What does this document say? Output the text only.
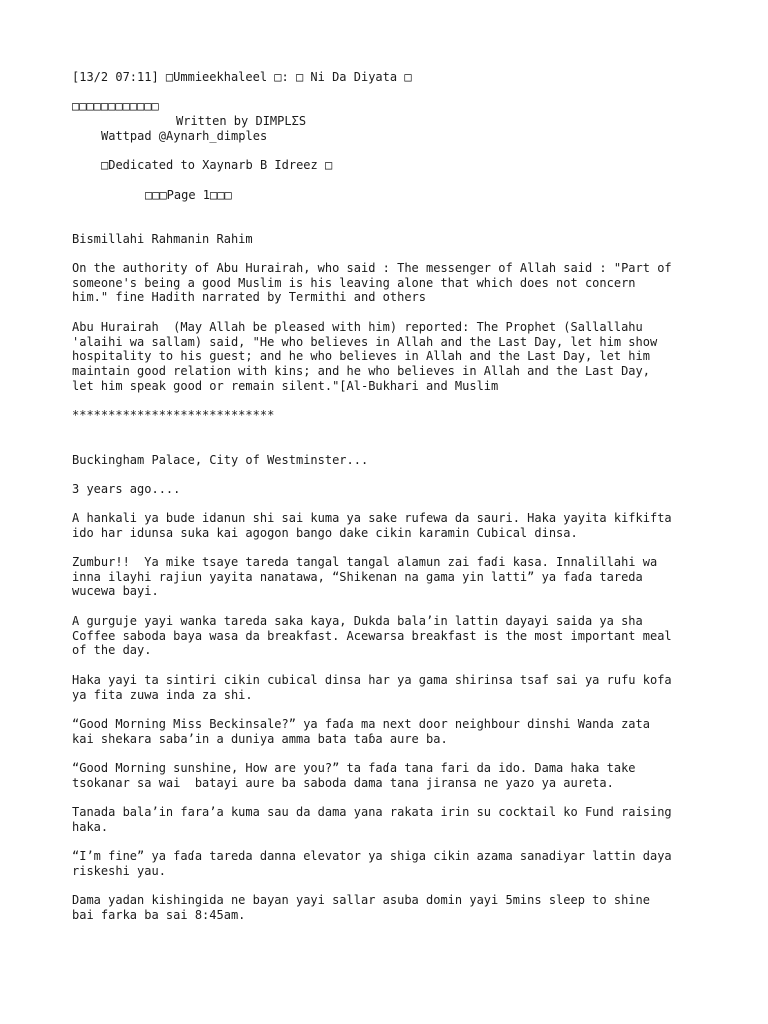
[13/2 07:11] □Ummieekhaleel □: □ Ni Da Diyata □
□□□□□□□□□□□□
Written by DIMPLΣS
Wattpad @Aynarh_dimples
□Dedicated to Xaynarb B Idreez □
□□□Page 1□□□
Bismillahi Rahmanin Rahim
On the authority of Abu Hurairah, who said : The messenger of Allah said : "Part of
someone's being a good Muslim is his leaving alone that which does not concern
him." fine Hadith narrated by Termithi and others
Abu Hurairah  (May Allah be pleased with him) reported: The Prophet (Sallallahu
'alaihi wa sallam) said, "He who believes in Allah and the Last Day, let him show
hospitality to his guest; and he who believes in Allah and the Last Day, let him
maintain good relation with kins; and he who believes in Allah and the Last Day,
let him speak good or remain silent."[Al-Bukhari and Muslim
****************************
Buckingham Palace, City of Westminster...
3 years ago....
A hankali ya bude idanun shi sai kuma ya sake rufewa da sauri. Haka yayita kifkifta
ido har idunsa suka kai agogon bango dake cikin karamin Cubical dinsa.
Zumbur!!  Ya mike tsaye tareda tangal tangal alamun zai faɗi kasa. Innalillahi wa
inna ilayhi rajiun yayita nanatawa, “Shikenan na gama yin latti” ya faɗa tareda
wucewa bayi.
A gurguje yayi wanka tareda saka kaya, Dukda bala’in lattin dayayi saida ya sha
Coffee saboda baya wasa da breakfast. Acewarsa breakfast is the most important meal
of the day.
Haka yayi ta sintiri cikin cubical dinsa har ya gama shirinsa tsaf sai ya rufu kofa
ya fita zuwa inda za shi.
“Good Morning Miss Beckinsale?” ya faɗa ma next door neighbour dinshi Wanda zata
kai shekara saba’in a duniya amma bata taɓa aure ba.
“Good Morning sunshine, How are you?” ta faɗa tana fari da ido. Dama haka take
tsokanar sa wai  batayi aure ba saboda dama tana jiransa ne yazo ya aureta.
Tanada bala’in fara’a kuma sau da dama yana rakata irin su cocktail ko Fund raising
haka.
“I’m fine” ya faɗa tareda danna elevator ya shiga cikin azama sanadiyar lattin daya
riskeshi yau.
Dama yadan kishingida ne bayan yayi sallar asuba domin yayi 5mins sleep to shine
bai farka ba sai 8:45am.
